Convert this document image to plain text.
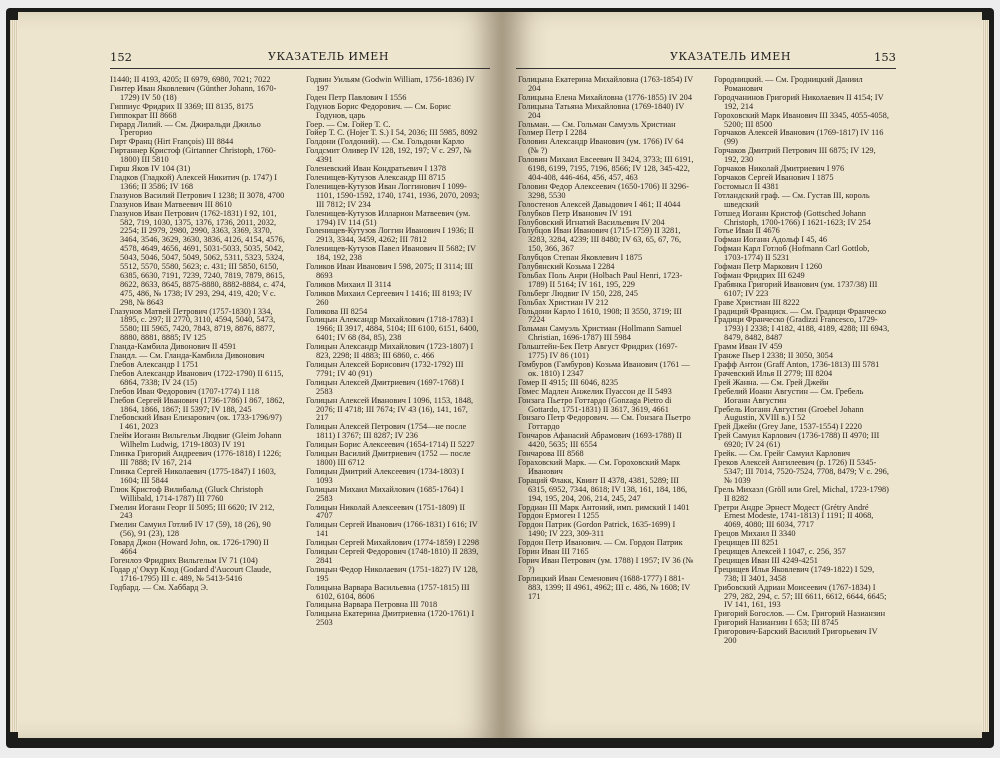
152	УКАЗАТЕЛЬ ИМЕН
I1440; II 4193, 4205; II 6979, 6980, 7021; 7022
Гинтер Иван Яковлевич (Günther Johann, 1670-1729) IV 50 (18)
Гиппиус Фридрих II 3369; III 8135, 8175
Гиппократ III 8668
Гирард Лилий. — См. Джиральди Джильо Грегорио
Гирт Франц (Hirt François) III 8844
Гиртаннер Кристоф (Girtanner Christoph, 1760-1800) III 5810
Гирш Яков IV 104 (31)
Гладков (Гладкой) Алексей Никитич (р. 1747) I 1366; II 3586; IV 168
Глазунов Василий Петрович I 1238; II 3078, 4700
Глазунов Иван Матвеевич III 8610
Глазунов Иван Петрович (1762-1831) I 92, 101, 582, 719, 1030, 1375, 1376, 1736, 2011, 2032, 2254; II 2979, 2980, 2990, 3363, 3369, 3370, 3464, 3546, 3629, 3630, 3836, 4126, 4154, 4576, 4578, 4649, 4656, 4691, 5031-5033, 5035, 5042, 5043, 5046, 5047, 5049, 5062, 5311, 5323, 5324, 5512, 5570, 5580, 5623; c. 431; III 5850, 6150, 6385, 6630, 7191, 7239, 7240, 7819, 7879, 8615, 8622, 8633, 8645, 8875-8880, 8882-8884, c. 474, 475, 486, № 1738; IV 293, 294, 419, 420; V c. 298, № 8643
Глазунов Матвей Петрович (1757-1830) I 334, 1895, c. 297; II 2770, 3110, 4594, 5040, 5473, 5580; III 5965, 7420, 7843, 8719, 8876, 8877, 8880, 8881, 8885; IV 125
Гланда-Камбила Дивонович II 4591
Гландл. — См. Гланда-Камбила Дивонович
Глебов Александр I 1751
Глебов Александр Иванович (1722-1790) II 6115, 6864, 7338; IV 24 (15)
Глебов Иван Федорович (1707-1774) I 118
Глебов Сергей Иванович (1736-1786) I 867, 1862, 1864, 1866, 1867; II 5397; IV 188, 245
Глебовский Иван Елизарович (ок. 1733-1796/97) I 461, 2023
Глейм Иоганн Вильгельм Людвиг (Gleim Johann Wilhelm Ludwig, 1719-1803) IV 191
Глинка Григорий Андреевич (1776-1818) I 1226; III 7888; IV 167, 214
Глинка Сергей Николаевич (1775-1847) I 1603, 1604; III 5844
Глюк Кристоф Вилибальд (Gluck Christoph Willibald, 1714-1787) III 7760
Гмелин Иоганн Георг II 5095; III 6620; IV 212, 243
Гмелин Самуил Готлиб IV 17 (59), 18 (26), 90 (56), 91 (23), 128
Говард Джон (Howard John, ок. 1726-1790) II 4664
Гогенлоэ Фридрих Вильгельм IV 71 (104)
Годар д' Окур Клод (Godard d'Aucourt Claude, 1716-1795) III c. 489, № 5413-5416
Годбард. — См. Хаббард Э.
Годвин Уильям (Godwin William, 1756-1836) IV 197
Годен Петр Павлович I 1556
Годунов Борис Федорович. — См. Борис Годунов, царь
Гоер. — См. Гойер Т. С.
Гойер Т. С. (Hojer T. S.) I 54, 2036; III 5985, 8092
Голдони (Голдоний). — См. Гольдони Карло
Голдсмит Оливер IV 128, 192, 197; V c. 297, № 4391
Голеневский Иван Кондратьевич I 1378
Голенищев-Кутузов Александр III 8715
Голенищев-Кутузов Иван Логгинович I 1099-1101, 1590-1592, 1740, 1741, 1936, 2070, 2093; III 7812; IV 234
Голенищев-Кутузов Илларион Матвеевич (ум. 1794) IV 114 (51)
Голенищев-Кутузов Логгин Иванович I 1936; II 2913, 3344, 3459, 4262; III 7812
Голенищев-Кутузов Павел Иванович II 5682; IV 184, 192, 238
Голиков Иван Иванович I 598, 2075; II 3114; III 8693
Голиков Михаил II 3114
Голиков Михаил Сергеевич I 1416; III 8193; IV 260
Голикова III 8254
Голицын Александр Михайлович (1718-1783) I 1966; II 3917, 4884, 5104; III 6100, 6151, 6400, 6401; IV 68 (84, 85), 238
Голицын Александр Михайлович (1723-1807) I 823, 2298; II 4883; III 6860, c. 466
Голицын Алексей Борисович (1732-1792) III 7791; IV 40 (91)
Голицын Алексей Дмитриевич (1697-1768) I 2583
Голицын Алексей Иванович I 1096, 1153, 1848, 2076; II 4718; III 7674; IV 43 (16), 141, 167, 217
Голицын Алексей Петрович (1754—не после 1811) I 3767; III 8287; IV 236
Голицын Борис Алексеевич (1654-1714) II 5227
Голицын Василий Дмитриевич (1752 — после 1800) III 6712
Голицын Дмитрий Алексеевич (1734-1803) I 1093
Голицын Михаил Михайлович (1685-1764) I 2583
Голицын Николай Алексеевич (1751-1809) II 4707
Голицын Сергей Иванович (1766-1831) I 616; IV 141
Голицын Сергей Михайлович (1774-1859) I 2298
Голицын Сергей Федорович (1748-1810) II 2839, 2841
Голицын Федор Николаевич (1751-1827) IV 128, 195
Голицына Варвара Васильевна (1757-1815) III 6102, 6104, 8606
Голицына Варвара Петровна III 7018
Голицына Екатерина Дмитриевна (1720-1761) I 2503
УКАЗАТЕЛЬ ИМЕН	153
Голицына Екатерина Михайловна (1763-1854) IV 204
Голицына Елена Михайловна (1776-1855) IV 204
Голицына Татьяна Михайловна (1769-1840) IV 204
Гольман. — См. Гольман Самуэль Христиан
Голмер Петр I 2284
Головин Александр Иванович (ум. 1766) IV 64 (№ ?)
Головин Михаил Евсеевич II 3424, 3733; III 6191, 6198, 6199, 7195, 7196, 8566; IV 128, 345-422, 404-408, 446-464, 456, 457, 463
Головин Федор Алексеевич (1650-1706) II 3296-3298, 5530
Голостенов Алексей Давыдович I 461; II 4044
Голубков Петр Иванович IV 191
Голубовский Игнатий Васильевич IV 204
Голубцов Иван Иванович (1715-1759) II 3281, 3283, 3284, 4239; III 8480; IV 63, 65, 67, 76, 150, 366, 367
Голубцов Степан Яковлевич I 1875
Голубянский Козьма I 2284
Гольбах Поль Анри (Holbach Paul Henri, 1723-1789) II 5164; IV 161, 195, 229
Гольберг Людвиг IV 150, 228, 245
Гольбах Христиан IV 212
Гольдони Карло I 1610, 1908; II 3550, 3719; III 7224
Гольман Самуэль Христиан (Hollmann Samuel Christian, 1696-1787) III 5984
Гольштейн-Бек Петр Август Фридрих (1697-1775) IV 86 (101)
Гомбуров (Гамбуров) Козьма Иванович (1761 — ок. 1810) I 2347
Гомер II 4915; III 6046, 8235
Гомес Мадлен Анжелик Пуассон де II 5493
Гонзага Пьетро Готтардо (Gonzaga Pietro di Gottardo, 1751-1831) II 3617, 3619, 4661
Гонзаго Петр Федорович. — См. Гонзага Пьетро Готтардо
Гончаров Афанасий Абрамович (1693-1788) II 4420, 5635; III 6554
Гончарова III 8568
Гораховский Марк. — См. Гороховский Марк Иванович
Гораций Флакк, Квинт II 4378, 4381, 5289; III 6315, 6952, 7344, 8618; IV 138, 161, 184, 186, 194, 195, 204, 206, 214, 245, 247
Гордиан III Марк Антоний, имп. римский I 1401
Гордон Ермоген I 1255
Гордон Патрик (Gordon Patrick, 1635-1699) I 1490; IV 223, 309-311
Гордон Петр Иванович. — См. Гордон Патрик
Горин Иван III 7165
Горич Иван Петрович (ум. 1788) I 1957; IV 36 (№ ?)
Горлицкий Иван Семенович (1688-1777) I 881-883, 1399; II 4961, 4962; III c. 486, № 1608; IV 171
Городницкий. — См. Гродницкий Даниил Романович
Городчанинов Григорий Николаевич II 4154; IV 192, 214
Гороховский Марк Иванович III 3345, 4055-4058, 5200; III 8500
Горчаков Алексей Иванович (1769-1817) IV 116 (99)
Горчаков Дмитрий Петрович III 6875; IV 129, 192, 230
Горчаков Николай Дмитриевич I 976
Горчаков Сергей Иванович I 1875
Гостомысл II 4381
Готландский граф. — См. Густав III, король шведский
Готшед Иоганн Кристоф (Gottsched Johann Christoph, 1700-1766) I 1621-1623; IV 254
Готье Иван II 4676
Гофман Иоганн Адольф I 45, 46
Гофман Карл Готлоб (Hofmann Carl Gottlob, 1703-1774) II 5231
Гофман Петр Маркович I 1260
Гофман Фридрих III 6249
Грабянка Григорий Иванович (ум. 1737/38) III 6107; IV 223
Граве Христиан III 8222
Градиций Франциск. — См. Градици Франческо
Градици Франческо (Gradizzi Francesco, 1729-1793) I 2338; I 4182, 4188, 4189, 4288; III 6943, 8479, 8482, 8487
Грамм Иван IV 459
Гранже Пьер I 2338; II 3050, 3054
Графф Антон (Graff Anton, 1736-1813) III 5781
Грачевский Илья II 2779; III 8204
Грей Жанна. — См. Грей Джейн
Гребелий Иоанн Августин — См. Гребель Иоганн Августин
Гребель Иоганн Августин (Groebel Johann Augustin, XVIII в.) I 52
Грей Джейн (Grey Jane, 1537-1554) I 2220
Грей Самуил Карлович (1736-1788) II 4970; III 6920; IV 24 (61)
Грейк. — См. Грейг Самуил Карлович
Греков Алексей Ангилеевич (р. 1726) II 5345-5347; III 7014, 7520-7524, 7708, 8479; V c. 296, № 1039
Грель Михаэл (Gröll или Grel, Michal, 1723-1798) II 8282
Гретри Андре Эрнест Модест (Grétry André Ernest Modeste, 1741-1813) I 1191; II 4068, 4069, 4080; III 6034, 7717
Грецов Михаил II 3340
Грецищев III 8251
Грецищев Алексей I 1047, c. 256, 357
Грецищев Иван III 4249-4251
Грецищев Илья Яковлевич (1749-1822) I 529, 738; II 3401, 3458
Грибовский Адриан Моисеевич (1767-1834) I 279, 282, 294, c. 57; III 6611, 6612, 6644, 6645; IV 141, 161, 193
Григорий Богослов. — См. Григорий Назианзин
Григорий Назианзин I 653; III 8745
Григорович-Барский Василий Григорьевич IV 200
